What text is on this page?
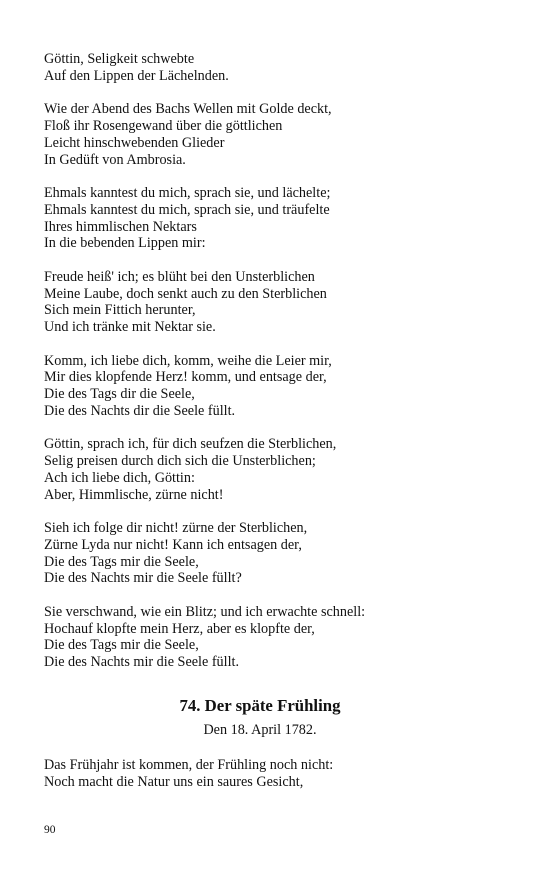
Göttin, Seligkeit schwebte
Auf den Lippen der Lächelnden.
Wie der Abend des Bachs Wellen mit Golde deckt,
Floß ihr Rosengewand über die göttlichen
Leicht hinschwebenden Glieder
In Gedüft von Ambrosia.
Ehmals kanntest du mich, sprach sie, und lächelte;
Ehmals kanntest du mich, sprach sie, und träufelte
Ihres himmlischen Nektars
In die bebenden Lippen mir:
Freude heiß' ich; es blüht bei den Unsterblichen
Meine Laube, doch senkt auch zu den Sterblichen
Sich mein Fittich herunter,
Und ich tränke mit Nektar sie.
Komm, ich liebe dich, komm, weihe die Leier mir,
Mir dies klopfende Herz! komm, und entsage der,
Die des Tags dir die Seele,
Die des Nachts dir die Seele füllt.
Göttin, sprach ich, für dich seufzen die Sterblichen,
Selig preisen durch dich sich die Unsterblichen;
Ach ich liebe dich, Göttin:
Aber, Himmlische, zürne nicht!
Sieh ich folge dir nicht! zürne der Sterblichen,
Zürne Lyda nur nicht! Kann ich entsagen der,
Die des Tags mir die Seele,
Die des Nachts mir die Seele füllt?
Sie verschwand, wie ein Blitz; und ich erwachte schnell:
Hochauf klopfte mein Herz, aber es klopfte der,
Die des Tags mir die Seele,
Die des Nachts mir die Seele füllt.
74. Der späte Frühling
Den 18. April 1782.
Das Frühjahr ist kommen, der Frühling noch nicht:
Noch macht die Natur uns ein saures Gesicht,
90
